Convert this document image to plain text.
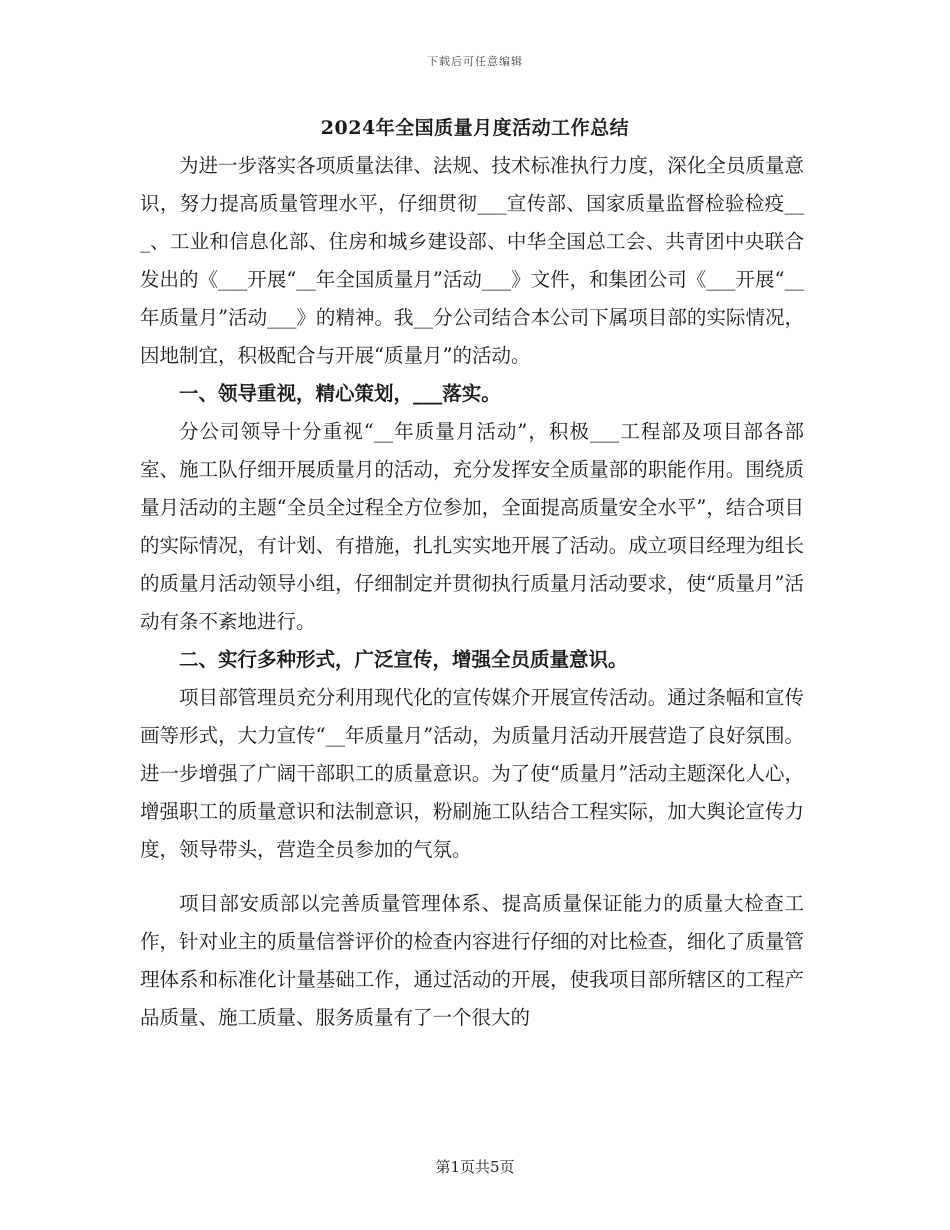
下载后可任意编辑
2024年全国质量月度活动工作总结

为进一步落实各项质量法律、法规、技术标准执行力度，深化全员质量意识，努力提高质量管理水平，仔细贯彻___宣传部、国家质量监督检验检疫___、工业和信息化部、住房和城乡建设部、中华全国总工会、共青团中央联合发出的《___开展“__年全国质量月”活动___》文件，和集团公司《___开展“__年质量月”活动___》的精神。我__分公司结合本公司下属项目部的实际情况，因地制宜，积极配合与开展“质量月”的活动。

一、领导重视，精心策划，___落实。

分公司领导十分重视“__年质量月活动”，积极___工程部及项目部各部室、施工队仔细开展质量月的活动，充分发挥安全质量部的职能作用。围绕质量月活动的主题“全员全过程全方位参加，全面提高质量安全水平”，结合项目的实际情况，有计划、有措施，扎扎实实地开展了活动。成立项目经理为组长的质量月活动领导小组，仔细制定并贯彻执行质量月活动要求，使“质量月”活动有条不紊地进行。

二、实行多种形式，广泛宣传，增强全员质量意识。

项目部管理员充分利用现代化的宣传媒介开展宣传活动。通过条幅和宣传画等形式，大力宣传“__年质量月”活动，为质量月活动开展营造了良好氛围。进一步增强了广阔干部职工的质量意识。为了使“质量月”活动主题深化人心，增强职工的质量意识和法制意识，粉刷施工队结合工程实际，加大舆论宣传力度，领导带头，营造全员参加的气氛。

项目部安质部以完善质量管理体系、提高质量保证能力的质量大检查工作，针对业主的质量信誉评价的检查内容进行仔细的对比检查，细化了质量管理体系和标准化计量基础工作，通过活动的开展，使我项目部所辖区的工程产品质量、施工质量、服务质量有了一个很大的

第1页共5页
